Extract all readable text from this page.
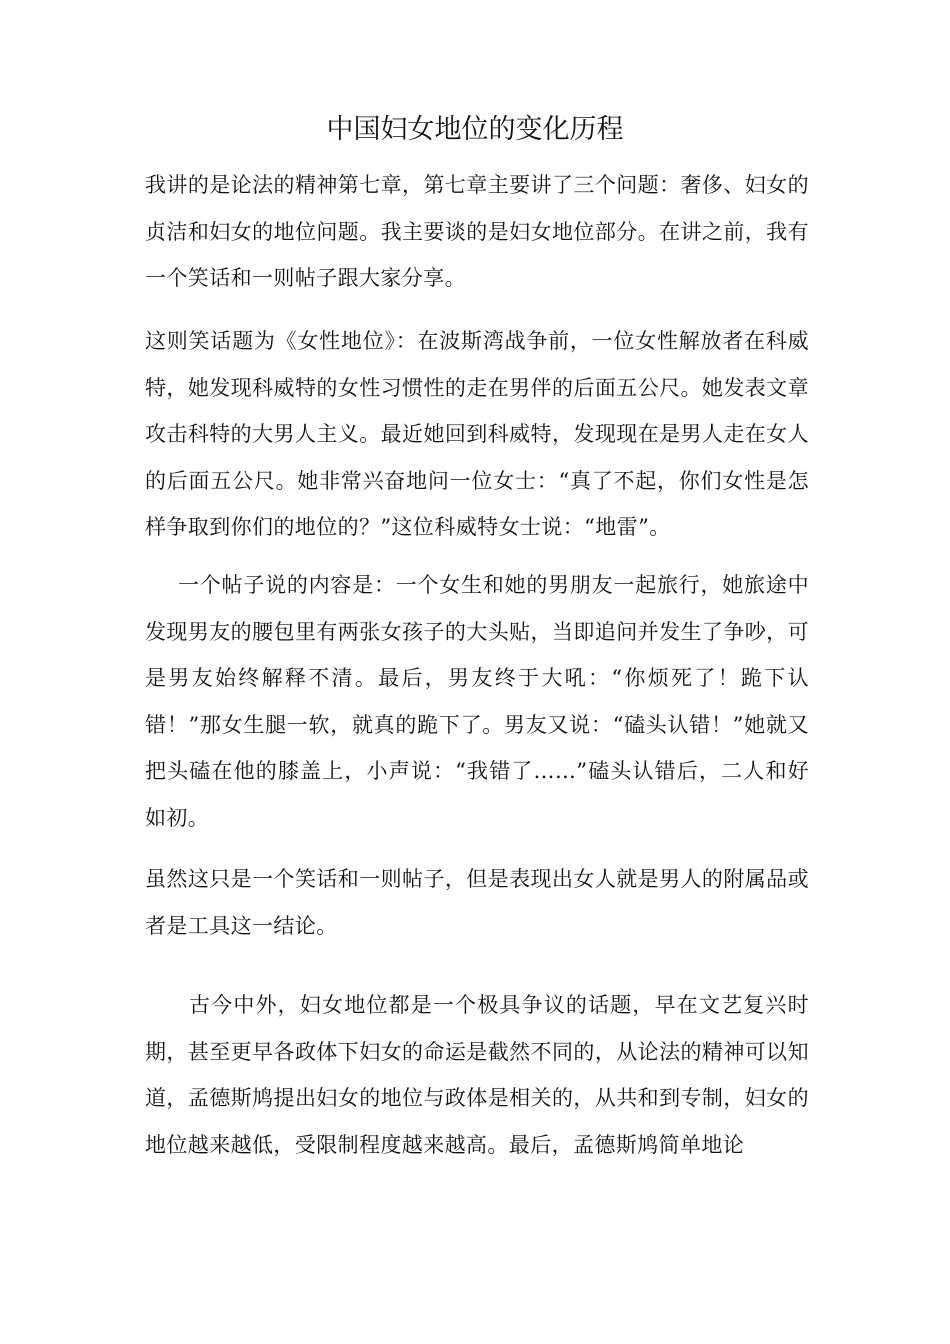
中国妇女地位的变化历程

我讲的是论法的精神第七章，第七章主要讲了三个问题：奢侈、妇女的贞洁和妇女的地位问题。我主要谈的是妇女地位部分。在讲之前，我有一个笑话和一则帖子跟大家分享。

这则笑话题为《女性地位》：在波斯湾战争前，一位女性解放者在科威特，她发现科威特的女性习惯性的走在男伴的后面五公尺。她发表文章攻击科特的大男人主义。最近她回到科威特，发现现在是男人走在女人的后面五公尺。她非常兴奋地问一位女士：“真了不起，你们女性是怎样争取到你们的地位的？”这位科威特女士说：“地雷”。

一个帖子说的内容是：一个女生和她的男朋友一起旅行，她旅途中发现男友的腰包里有两张女孩子的大头贴，当即追问并发生了争吵，可是男友始终解释不清。最后，男友终于大吼：“你烦死了！跪下认错！”那女生腿一软，就真的跪下了。男友又说：“磕头认错！”她就又把头磕在他的膝盖上，小声说：“我错了……”磕头认错后，二人和好如初。

虽然这只是一个笑话和一则帖子，但是表现出女人就是男人的附属品或者是工具这一结论。

古今中外，妇女地位都是一个极具争议的话题，早在文艺复兴时期，甚至更早各政体下妇女的命运是截然不同的，从论法的精神可以知道，孟德斯鸠提出妇女的地位与政体是相关的，从共和到专制，妇女的地位越来越低，受限制程度越来越高。最后，孟德斯鸠简单地论
